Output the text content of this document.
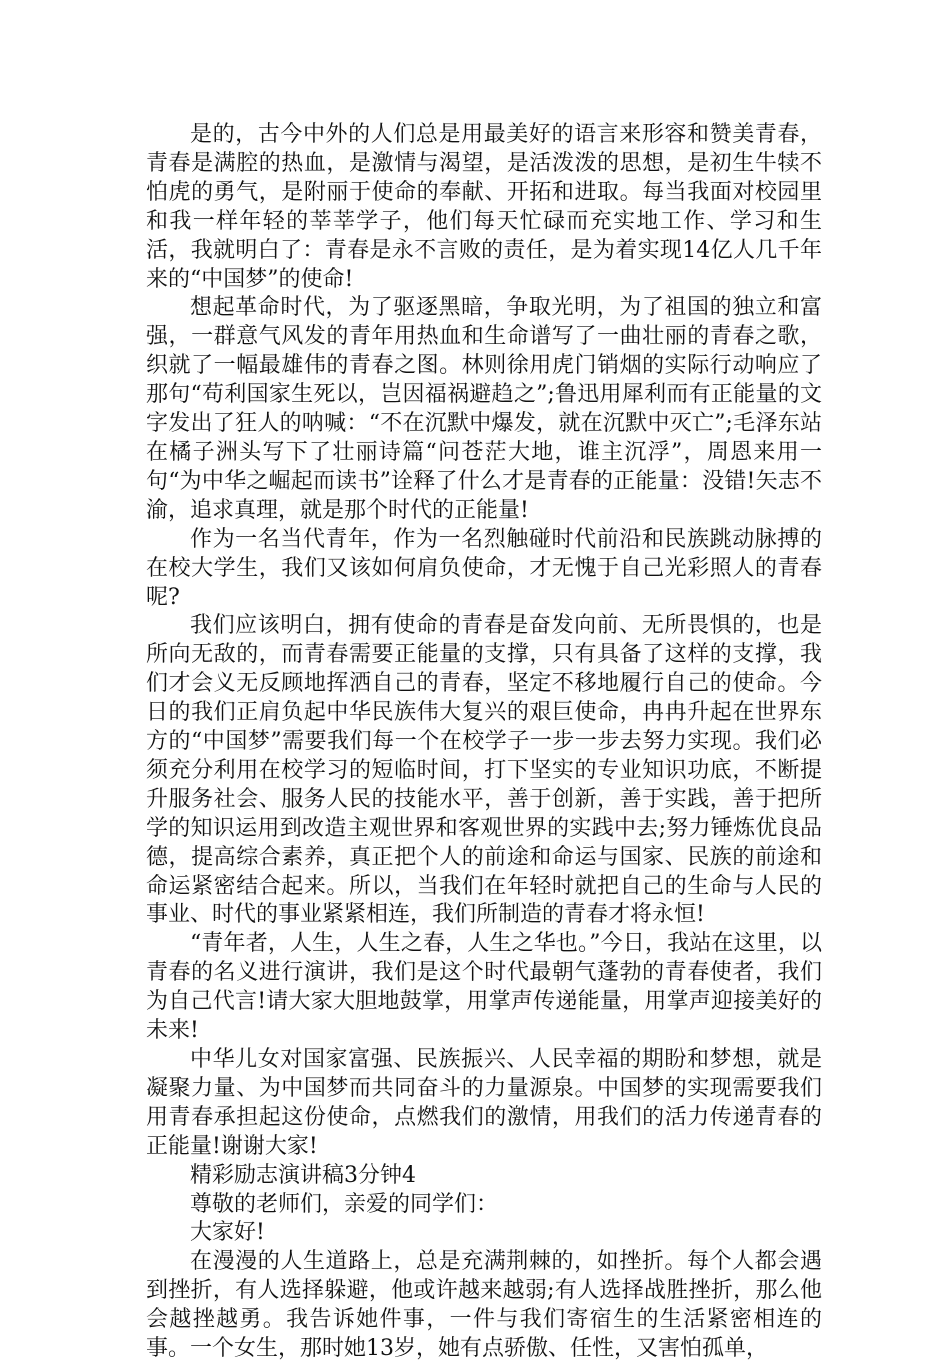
是的，古今中外的人们总是用最美好的语言来形容和赞美青春，青春是满腔的热血，是激情与渴望，是活泼泼的思想，是初生牛犊不怕虎的勇气，是附丽于使命的奉献、开拓和进取。每当我面对校园里和我一样年轻的莘莘学子，他们每天忙碌而充实地工作、学习和生活，我就明白了：青春是永不言败的责任，是为着实现14亿人几千年来的“中国梦”的使命!

想起革命时代，为了驱逐黑暗，争取光明，为了祖国的独立和富强，一群意气风发的青年用热血和生命谱写了一曲壮丽的青春之歌，织就了一幅最雄伟的青春之图。林则徐用虎门销烟的实际行动响应了那句“苟利国家生死以，岂因福祸避趋之”;鲁迅用犀利而有正能量的文字发出了狂人的呐喊：“不在沉默中爆发，就在沉默中灭亡”;毛泽东站在橘子洲头写下了壮丽诗篇“问苍茫大地，谁主沉浮”，周恩来用一句“为中华之崛起而读书”诠释了什么才是青春的正能量：没错!矢志不渝，追求真理，就是那个时代的正能量!

作为一名当代青年，作为一名烈触碰时代前沿和民族跳动脉搏的在校大学生，我们又该如何肩负使命，才无愧于自己光彩照人的青春呢?

我们应该明白，拥有使命的青春是奋发向前、无所畏惧的，也是所向无敌的，而青春需要正能量的支撑，只有具备了这样的支撑，我们才会义无反顾地挥洒自己的青春，坚定不移地履行自己的使命。今日的我们正肩负起中华民族伟大复兴的艰巨使命，冉冉升起在世界东方的“中国梦”需要我们每一个在校学子一步一步去努力实现。我们必须充分利用在校学习的短临时间，打下坚实的专业知识功底，不断提升服务社会、服务人民的技能水平，善于创新，善于实践，善于把所学的知识运用到改造主观世界和客观世界的实践中去;努力锤炼优良品德，提高综合素养，真正把个人的前途和命运与国家、民族的前途和命运紧密结合起来。所以，当我们在年轻时就把自己的生命与人民的事业、时代的事业紧紧相连，我们所制造的青春才将永恒!

“青年者，人生，人生之春，人生之华也。”今日，我站在这里，以青春的名义进行演讲，我们是这个时代最朝气蓬勃的青春使者，我们为自己代言!请大家大胆地鼓掌，用掌声传递能量，用掌声迎接美好的未来!

中华儿女对国家富强、民族振兴、人民幸福的期盼和梦想，就是凝聚力量、为中国梦而共同奋斗的力量源泉。中国梦的实现需要我们用青春承担起这份使命，点燃我们的激情，用我们的活力传递青春的正能量!谢谢大家!

精彩励志演讲稿3分钟4

尊敬的老师们，亲爱的同学们：

大家好!

在漫漫的人生道路上，总是充满荆棘的，如挫折。每个人都会遇到挫折，有人选择躲避，他或许越来越弱;有人选择战胜挫折，那么他会越挫越勇。我告诉她件事，一件与我们寄宿生的生活紧密相连的事。一个女生，那时她13岁，她有点骄傲、任性，又害怕孤单，
